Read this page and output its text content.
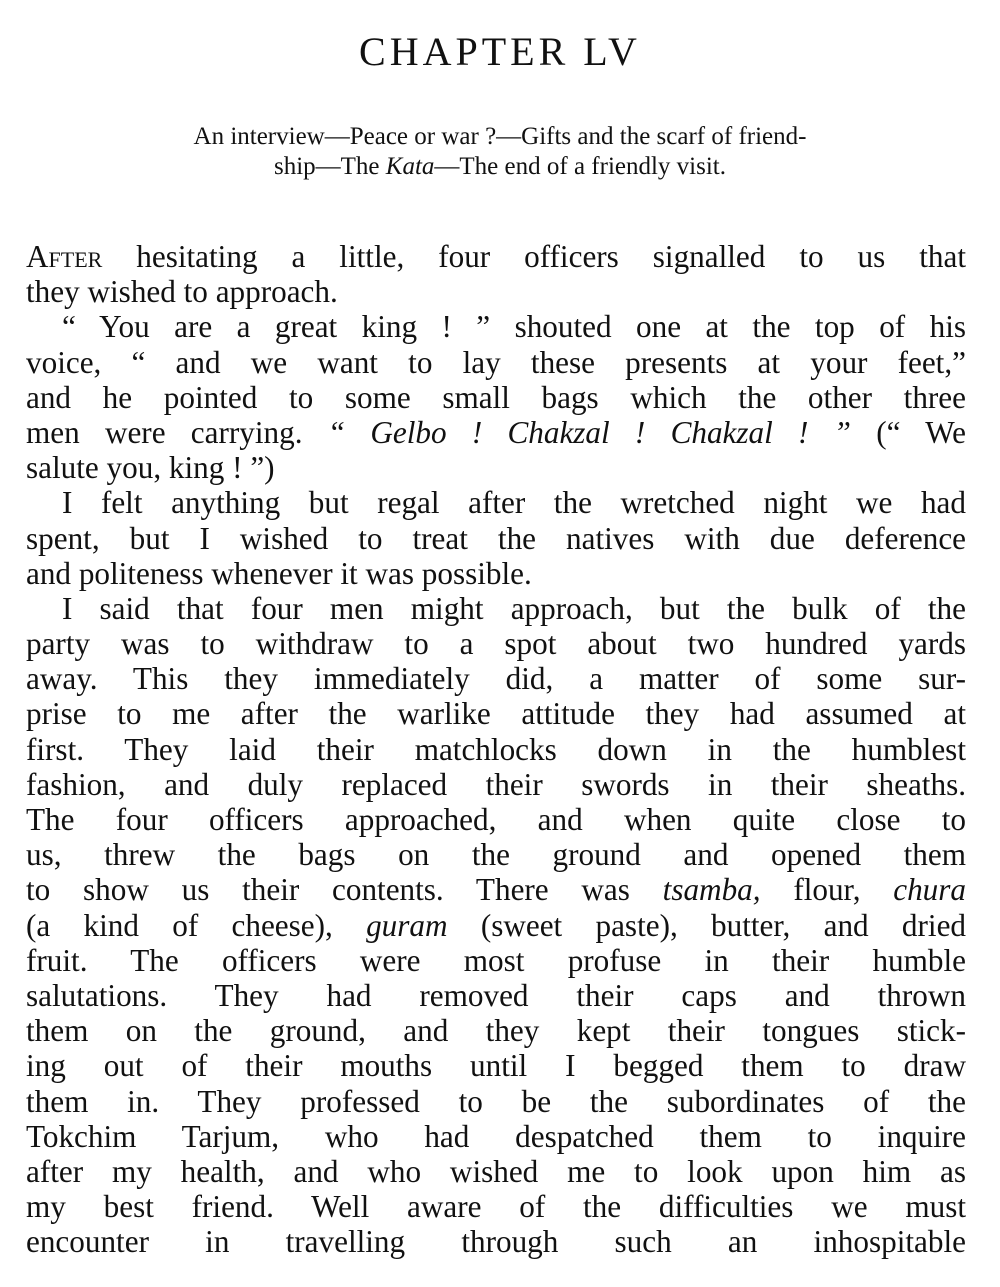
CHAPTER LV
An interview—Peace or war ?—Gifts and the scarf of friend-
ship—The Kata—The end of a friendly visit.
After hesitating a little, four officers signalled to us that
they wished to approach.
“ You are a great king ! ” shouted one at the top of his
voice, “ and we want to lay these presents at your feet,”
and he pointed to some small bags which the other three
men were carrying. “ Gelbo ! Chakzal ! Chakzal ! ” (“ We
salute you, king ! ”)
I felt anything but regal after the wretched night we had
spent, but I wished to treat the natives with due deference
and politeness whenever it was possible.
I said that four men might approach, but the bulk of the
party was to withdraw to a spot about two hundred yards
away. This they immediately did, a matter of some sur-
prise to me after the warlike attitude they had assumed at
first. They laid their matchlocks down in the humblest
fashion, and duly replaced their swords in their sheaths.
The four officers approached, and when quite close to
us, threw the bags on the ground and opened them
to show us their contents. There was tsamba, flour, chura
(a kind of cheese), guram (sweet paste), butter, and dried
fruit. The officers were most profuse in their humble
salutations. They had removed their caps and thrown
them on the ground, and they kept their tongues stick-
ing out of their mouths until I begged them to draw
them in. They professed to be the subordinates of the
Tokchim Tarjum, who had despatched them to inquire
after my health, and who wished me to look upon him as
my best friend. Well aware of the difficulties we must
encounter in travelling through such an inhospitable
